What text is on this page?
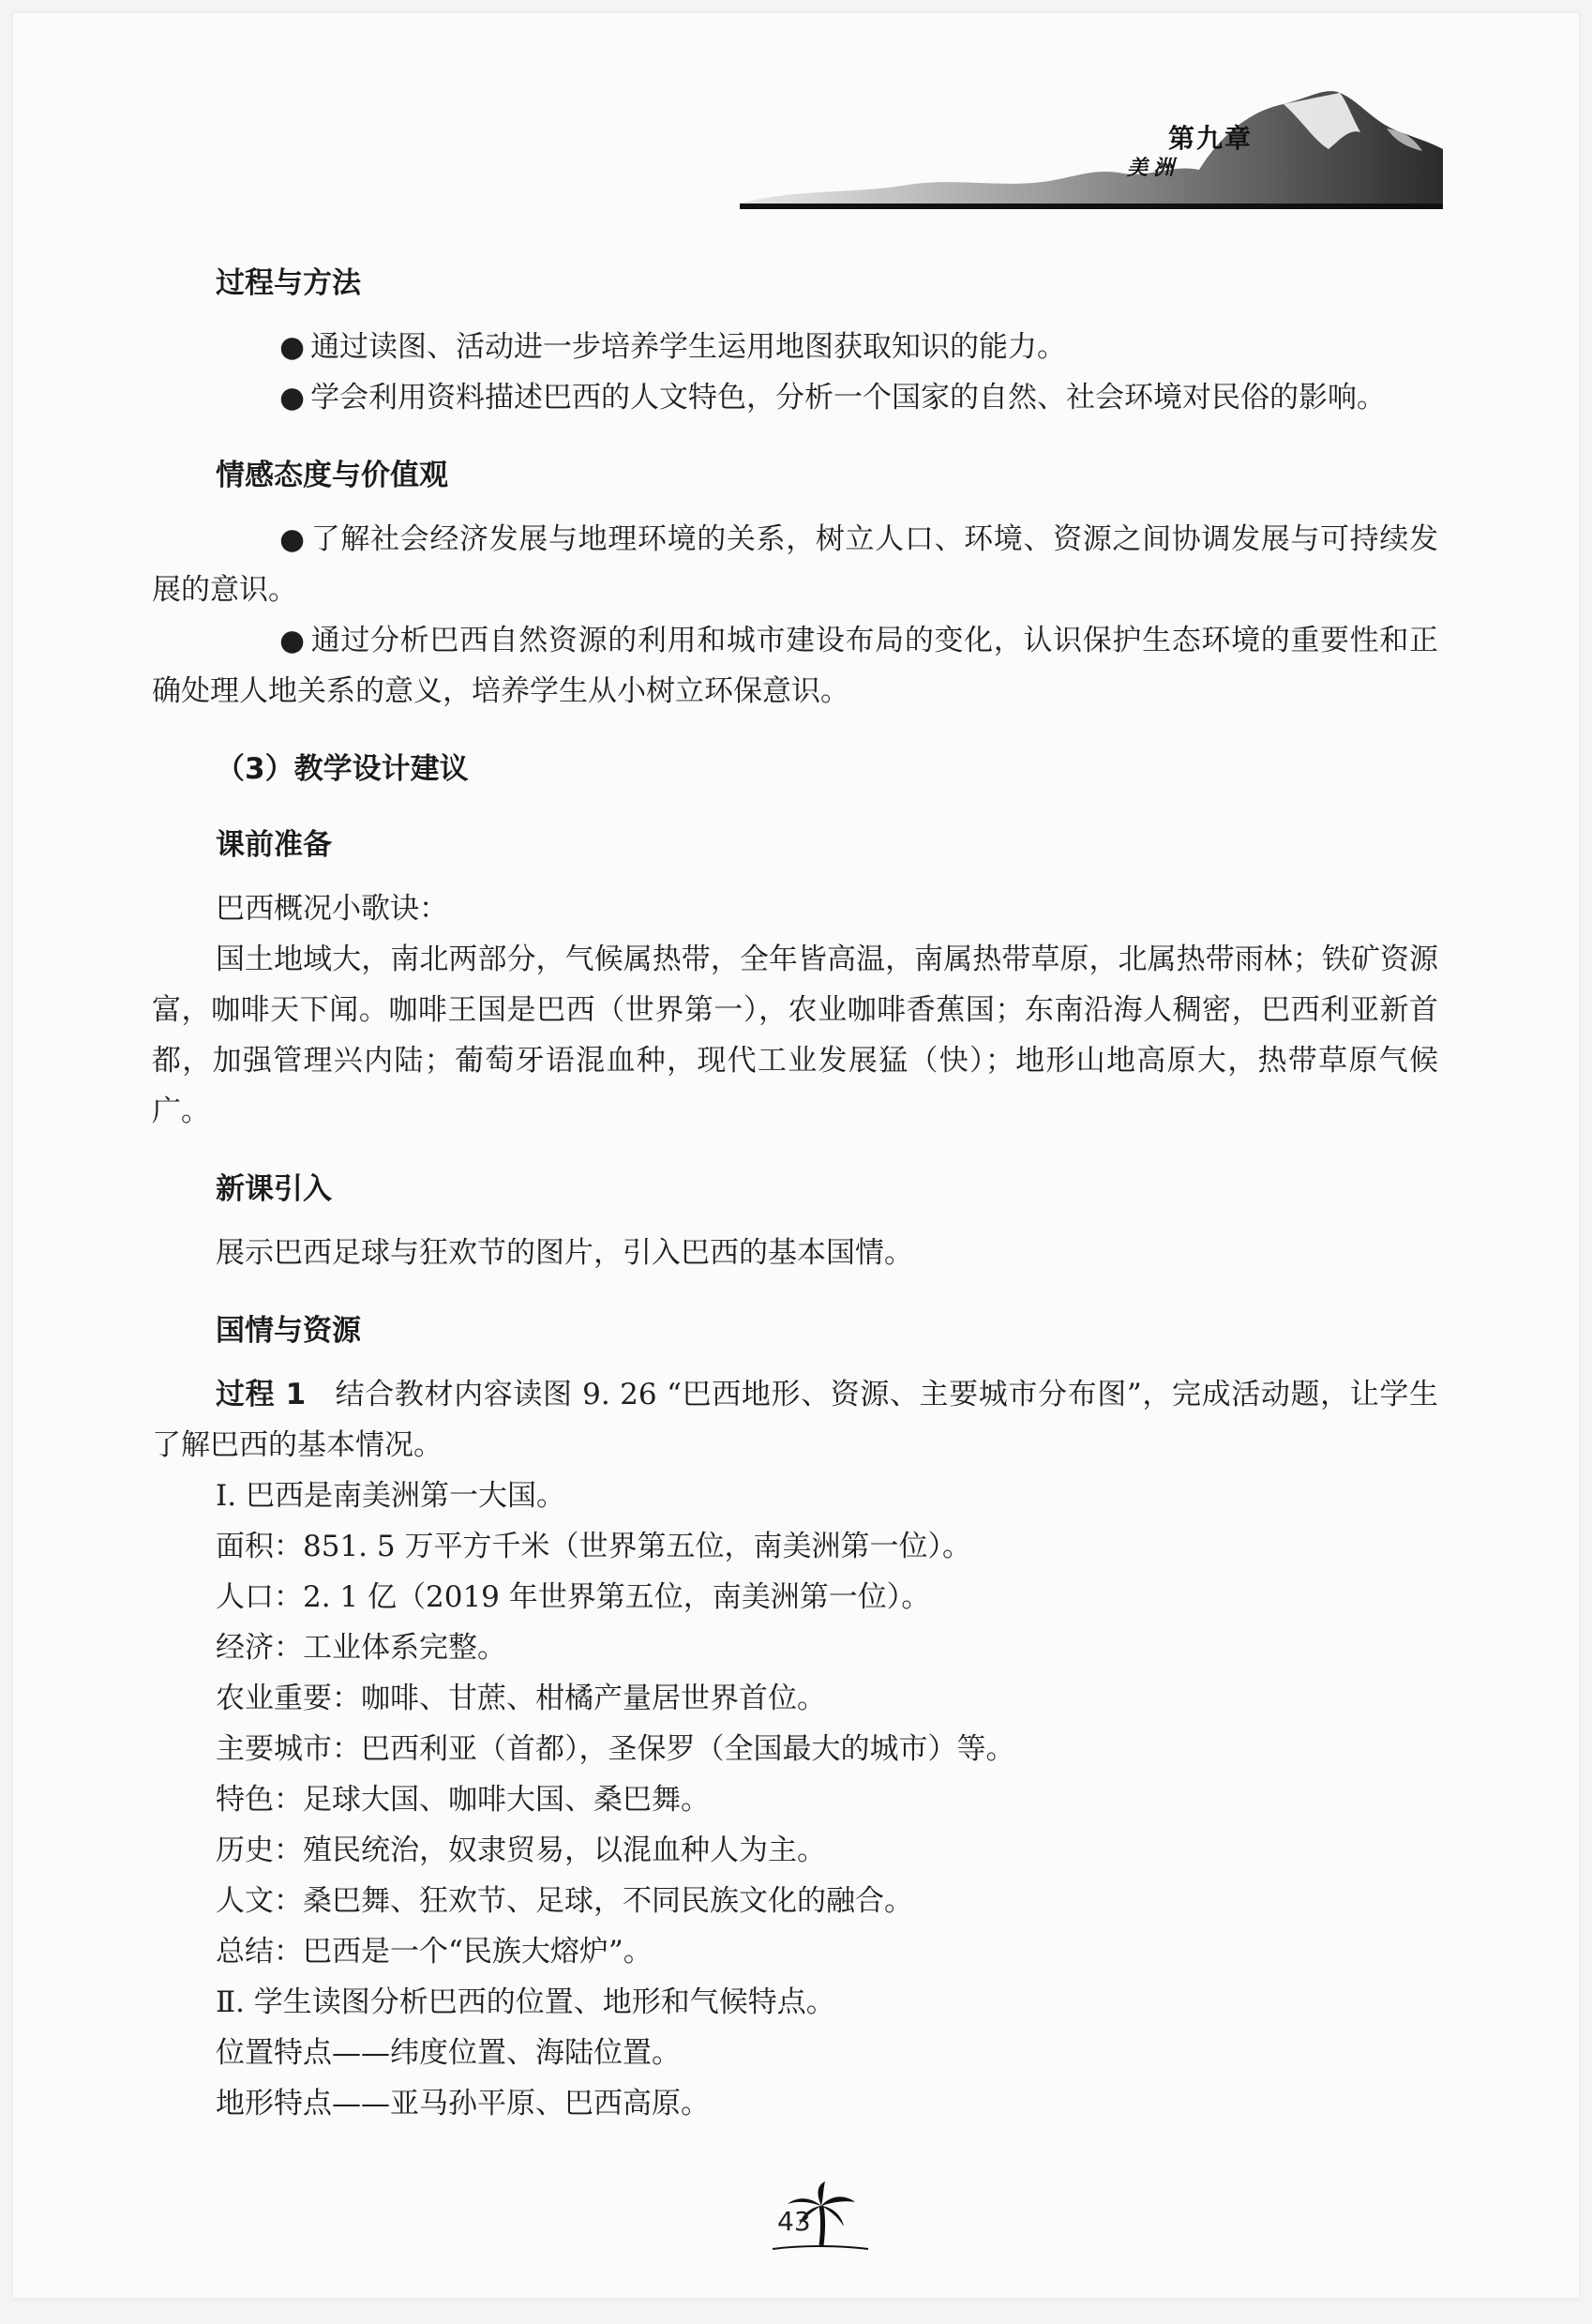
第九章
美洲

过程与方法

● 通过读图、活动进一步培养学生运用地图获取知识的能力。

● 学会利用资料描述巴西的人文特色，分析一个国家的自然、社会环境对民俗的影响。

情感态度与价值观

● 了解社会经济发展与地理环境的关系，树立人口、环境、资源之间协调发展与可持续发展的意识。

● 通过分析巴西自然资源的利用和城市建设布局的变化，认识保护生态环境的重要性和正确处理人地关系的意义，培养学生从小树立环保意识。

（3）教学设计建议

课前准备

巴西概况小歌诀：

国土地域大，南北两部分，气候属热带，全年皆高温，南属热带草原，北属热带雨林；铁矿资源富，咖啡天下闻。咖啡王国是巴西（世界第一），农业咖啡香蕉国；东南沿海人稠密，巴西利亚新首都，加强管理兴内陆；葡萄牙语混血种，现代工业发展猛（快）；地形山地高原大，热带草原气候广。

新课引入

展示巴西足球与狂欢节的图片，引入巴西的基本国情。

国情与资源

过程 1 结合教材内容读图 9. 26 “巴西地形、资源、主要城市分布图”，完成活动题，让学生了解巴西的基本情况。

Ⅰ. 巴西是南美洲第一大国。

面积：851. 5 万平方千米（世界第五位，南美洲第一位）。

人口：2. 1 亿（2019 年世界第五位，南美洲第一位）。

经济：工业体系完整。

农业重要：咖啡、甘蔗、柑橘产量居世界首位。

主要城市：巴西利亚（首都），圣保罗（全国最大的城市）等。

特色：足球大国、咖啡大国、桑巴舞。

历史：殖民统治，奴隶贸易，以混血种人为主。

人文：桑巴舞、狂欢节、足球，不同民族文化的融合。

总结：巴西是一个“民族大熔炉”。

Ⅱ. 学生读图分析巴西的位置、地形和气候特点。

位置特点——纬度位置、海陆位置。

地形特点——亚马孙平原、巴西高原。

43
